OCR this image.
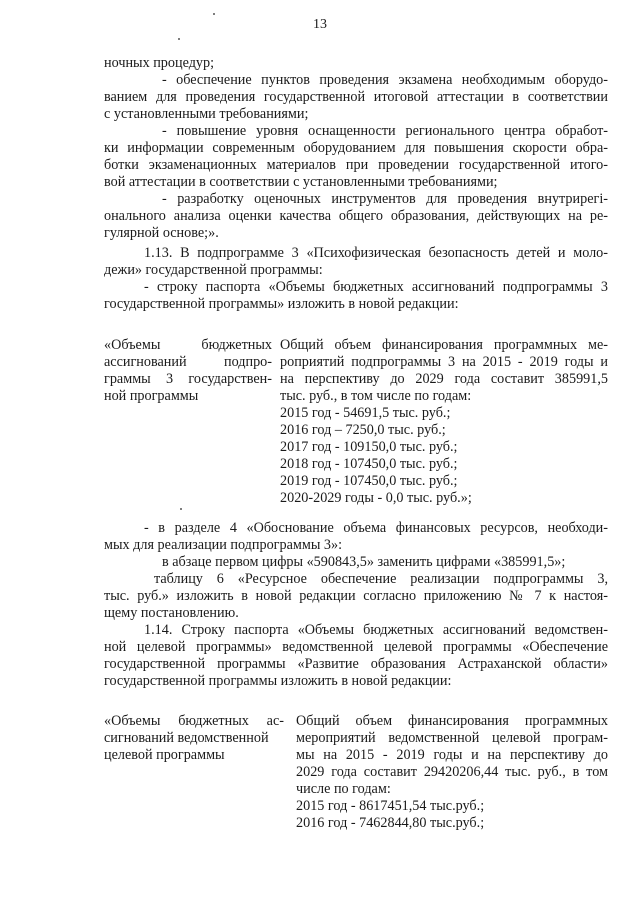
13
ночных процедур;
- обеспечение пунктов проведения экзамена необходимым оборудо-
ванием для проведения государственной итоговой аттестации в соответствии
с установленными требованиями;
- повышение уровня оснащенности регионального центра обработ-
ки информации современным оборудованием для повышения скорости обра-
ботки экзаменационных материалов при проведении государственной итого-
вой аттестации в соответствии с установленными требованиями;
- разработку оценочных инструментов для проведения внутрирегі-
онального анализа оценки качества общего образования, действующих на ре-
гулярной основе;».
1.13. В подпрограмме 3 «Психофизическая безопасность детей и моло-
дежи» государственной программы:
- строку паспорта «Объемы бюджетных ассигнований подпрограммы 3
государственной программы» изложить в новой редакции:
«Объемы бюджетных
ассигнований подпро-
граммы 3 государствен-
ной программы
Общий объем финансирования программных ме-
роприятий подпрограммы 3 на 2015 - 2019 годы и
на перспективу до 2029 года составит 385991,5
тыс. руб., в том числе по годам:
2015 год - 54691,5 тыс. руб.;
2016 год – 7250,0 тыс. руб.;
2017 год - 109150,0 тыс. руб.;
2018 год - 107450,0 тыс. руб.;
2019 год - 107450,0 тыс. руб.;
2020-2029 годы - 0,0 тыс. руб.»;
- в разделе 4 «Обоснование объема финансовых ресурсов, необходи-
мых для реализации подпрограммы 3»:
в абзаце первом цифры «590843,5» заменить цифрами «385991,5»;
таблицу 6 «Ресурсное обеспечение реализации подпрограммы 3,
тыс. руб.» изложить в новой редакции согласно приложению № 7 к настоя-
щему постановлению.
1.14. Строку паспорта «Объемы бюджетных ассигнований ведомствен-
ной целевой программы» ведомственной целевой программы «Обеспечение
государственной программы «Развитие образования Астраханской области»
государственной программы изложить в новой редакции:
«Объемы бюджетных ас-
сигнований ведомственной
целевой программы
Общий объем финансирования программных
мероприятий ведомственной целевой програм-
мы на 2015 - 2019 годы и на перспективу до
2029 года составит 29420206,44 тыс. руб., в том
числе по годам:
2015 год - 8617451,54 тыс.руб.;
2016 год - 7462844,80 тыс.руб.;
